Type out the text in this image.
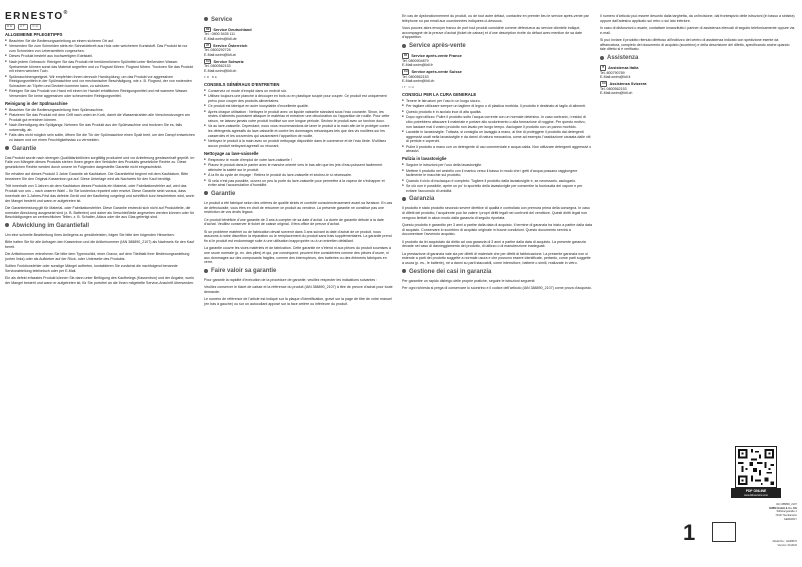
ERNESTO®
DE AT CH
ALLGEMEINE PFLEGETIPPS
■ Beachten Sie die Bedienungsanleitung an einem sicheren Ort auf.
■ Verwenden Sie zum Schneiden stets ein Schneidebrett aus Holz oder weicherem Kunststoff. Das Produkt ist nur zum Schneiden von Lebensmitteln vorgesehen.
■ Dieses Produkt besteht aus hochwertigem Edelstahl.
■ Nach jedem Gebrauch: Reinigen Sie das Produkt mit herkömmlichem Spülmittel unter fließendem Wasser. Speisereste können sonst das Material angreifen und zu Flugrost führen. Flugrost führen. Trocknen Sie das Produkt mit einem weichen Tuch.
■ Spülmaschinengeeignet. Wir empfehlen Ihnen dennoch Handspülung, um das Produkt vor aggressiven Reinigungsmitteln in der Spülmaschine und vor mechanischer Beschädigung, wie z. B. Flugrost, der von rostenden Schrauben an Töpfen und Deckeln kommen kann, zu schützen.
■ Reinigen Sie das Produkt von Hand mit einem im Handel erhältlichen Reinigungsmittel und mit warmem Wasser. Verwenden Sie keine aggressiven oder scheuernden Reinigungsmittel.
Reinigung in der Spülmaschine
■ Beachten Sie die Bedienungsanleitung Ihrer Spülmaschine.
■ Platzieren Sie das Produkt mit dem Griff nach unten im Korb, damit die Wasserstrahlen alle Verschmutzungen am Produkt gut erreichen können.
■ Nach Beendigung des Spülgangs: Nehmen Sie das Produkt aus der Spülmaschine und trocknen Sie es, falls notwendig, ab.
■ Falls dies nicht möglich sein sollte, öffnen Sie die Tür der Spülmaschine einen Spalt breit, um den Dampf entweichen zu lassen und um einen Feuchtigkeitsstau zu vermeiden.
Garantie

Das Produkt wurde nach strengen Qualitätsrichtlinien sorgfältig produziert und vor Anlieferung gewissenhaft geprüft. Im Falle von Mängeln dieses Produkts stehen Ihnen gegen den Verkäufer des Produkts gesetzliche Rechte zu. Diese gesetzlichen Rechte werden durch unsere im Folgenden dargestellte Garantie nicht eingeschränkt.

Sie erhalten auf dieses Produkt 3 Jahre Garantie ab Kaufdatum. Die Garantiefrist beginnt mit dem Kaufdatum. Bitte bewahren Sie den Original-Kassenbon gut auf. Diese Unterlage wird als Nachweis für den Kauf benötigt.

Tritt innerhalb von 3 Jahren ab dem Kaufdatum dieses Produkts ein Material- oder Fabrikationsfehler auf, wird das Produkt von uns – nach unserer Wahl – für Sie kostenlos repariert oder ersetzt. Diese Garantie setzt voraus, dass innerhalb der 3-Jahres-Frist das defekte Gerät und der Kaufbeleg vorgelegt und schriftlich kurz beschrieben wird, worin der Mangel besteht und wann er aufgetreten ist.

Die Garantieleistung gilt für Material- oder Fabrikationsfehler. Diese Garantie erstreckt sich nicht auf Produktteile, die normaler Abnutzung ausgesetzt sind (z. B. Batterien) und daher als Verschleißteile angesehen werden können oder für Beschädigungen an zerbrechlichen Teilen, z. B. Schalter, Akkus oder die aus Glas gefertigt sind.

Abwicklung im Garantiefall

Um eine schnelle Bearbeitung Ihres Anliegens zu gewährleisten, folgen Sie bitte den folgenden Hinweisen:

Bitte halten Sie für alle Anfragen den Kassenbon und die Artikelnummer (IAN 388890_2107) als Nachweis für den Kauf bereit.

Die Artikelnummer entnehmen Sie bitte dem Typenschild, einer Gravur, auf dem Titelblatt Ihrer Bedienungsanleitung (unten links) oder als Aufkleber auf der Rück- oder Unterseite des Produkts.

Sollten Funktionsfehler oder sonstige Mängel auftreten, kontaktieren Sie zunächst die nachfolgend benannte Serviceabteilung telefonisch oder per E-Mail.

Ein als defekt erfasstes Produkt können Sie dann unter Beifügung des Kaufbelegs (Kassenbon) und der Angabe, worin der Mangel besteht und wann er aufgetreten ist, für Sie portofrei an die Ihnen mitgeteilte Service-Anschrift übersenden.

Service
DE Service Deutschland
Tel.: 0800 5435 111
E-Mail:owim@lidl.de
AT Service Österreich
Tel.:0800292726
E-Mail:owim@lidl.at
CH Service Schweiz
Tel.:0800562153
E-Mail:owim@lidl.ch
FR BE
CONSEILS GÉNÉRAUX D’ENTRETIEN
■ Conservez ce mode d’emploi dans un endroit sûr.
■ Utilisez toujours une planche à découper en bois ou en plastique souple pour couper. Ce produit est uniquement prévu pour couper des produits alimentaires.
■ Ce produit est fabriqué en acier inoxydable d’excellente qualité.
■ Après chaque utilisation : Nettoyez le produit avec un liquide vaisselle standard sous l’eau courante. Sinon, les restes d’aliments pourraient attaquer le matériau et entraîner une décoloration ou l’apparition de rouille. Pour cette raison, ne laissez jamais votre produit inutilisé sur une longue période. Séchez le produit avec un torchon doux.
■ Va au lave-vaisselle. Cependant, nous vous recommandons de laver le produit à la main afin de le protéger contre les détergents agressifs du lave-vaisselle et contre les dommages mécaniques tels que des vis rouillées sur les casseroles et les couvercles qui causeraient l’apparition de rouille.
■ Nettoyez le produit à la main avec un produit nettoyage disponible dans le commerce et de l’eau tiède. N’utilisez aucun produit nettoyant agressif ou récurant.
Nettoyage au lave-vaisselle
■ Respectez le mode d’emploi de votre lave-vaisselle !
■ Placez le produit dans le panier avec le manche orienté vers le bas afin que les jets d’eau puissent facilement atteindre la saleté sur le produit.
■ À la fin du cycle de rinçage : Retirez le produit du lave-vaisselle et séchez-le si nécessaire.
■ Si cela n’est pas possible, ouvrez un peu la porte du lave-vaisselle pour permettre à la vapeur de s’échapper et éviter ainsi l’accumulation d’humidité.
Garantie

Le produit a été fabriqué selon des critères de qualité stricts et contrôlé consciencieusement avant sa livraison. En cas de défectuosité, vous êtes en droit de retourner ce produit au vendeur. La présente garantie ne constitue pas une restriction de vos droits légaux.

Ce produit bénéficie d’une garantie de 3 ans à compter de sa date d’achat. La durée de garantie débute à la date d’achat. Veuillez conserver le ticket de caisse original. Il fera office de preuve d’achat.

Si un problème matériel ou de fabrication devait survenir dans 3 ans suivant la date d’achat de ce produit, nous assurons à notre discrétion la réparation ou le remplacement du produit sans frais supplémentaires. La garantie prend fin si le produit est endommagé suite à une utilisation inappropriée ou à un entretien défaillant.

La garantie couvre les vices matériels et de fabrication. Cette garantie ne s’étend ni aux pièces du produit soumises à une usure normale (p. ex. des piles) et qui, par conséquent, peuvent être considérées comme des pièces d’usure, ni aux dommages sur des composants fragiles, comme des interrupteurs, des batteries ou des éléments fabriqués en verre.

Faire valoir sa garantie

Pour garantir la rapidité d’exécution de la procédure de garantie, veuillez respecter les indications suivantes :

Veuillez conserver le ticket de caisse et la référence du produit (IAN 388890_2107) à titre de preuve d’achat pour toute demande.

Le numéro de référence de l’article est indiqué sur la plaque d’identification, gravé sur la page de titre de votre manuel (en bas à gauche) ou sur un autocollant apposé sur la face arrière ou inférieure du produit.

En cas de dysfonctionnement du produit, ou de tout autre défaut, contactez en premier lieu le service après-vente par téléphone ou par email aux coordonnées indiquées ci-dessous.

Vous pouvez alors envoyer franco de port tout produit considéré comme défectueux au service clientèle indiqué, accompagné de la preuve d’achat (ticket de caisse) et d’une description écrite du défaut avec mention de sa date d’apparition.

Service après-vente
FR Service après-vente France
Tel.:0800904879
E-Mail:owim@lidl.fr
CH Service après-vente Suisse
Tel.:0800562153
E-Mail:owim@lidl.ch
IT CH
CONSIGLI PER LA CURA GENERALE
■ Tenere le istruzioni per l’uso in un luogo sicuro.
■ Per tagliare utilizzare sempre un tagliere di legno o di plastica morbida. Il prodotto è destinato al taglio di alimenti.
■ Questo prodotto è in acciaio inox di alta qualità.
■ Dopo ogni utilizzo: Pulire il prodotto sotto l’acqua corrente con un normale detersivo. In caso contrario, i residui di cibo potrebbero attaccare il materiale e portare allo scolorimento o alla formazione di ruggine. Per questo motivo, non lasciare mai il vostro prodotto non lavato per lungo tempo. Asciugare il prodotto con un panno morbido.
■ Lavabile in lavastoviglie. Tuttavia, si consiglia un lavaggio a mano, al fine di proteggere il prodotto dai detergenti aggressivi usati nella lavastoviglie e da danni di natura meccanica, come ad esempio l’ossidazione causata dalle viti di pentole e coperchi.
■ Pulire il prodotto a mano con un detergente di uso commerciale e acqua calda. Non utilizzare detergenti aggressivi o abrasivi.
Pulizia in lavastoviglie
■ Seguire le istruzioni per l’uso della lavastoviglie.
■ Mettere il prodotto nel cestello con il manico verso il basso in modo che i getti d’acqua possano raggiungere facilmente le macchie sul prodotto.
■ Quando il ciclo di risciacquo è completo: Togliere il prodotto dalla lavastoviglie e, se necessario, asciugarlo.
■ Se ciò non è possibile, aprire un po’ lo sportello della lavastoviglie per consentire la fuoriuscita del vapore e per evitare l’accumulo di umidità.
Garanzia

Il prodotto è stato prodotto secondo severe direttive di qualità e controllato con premura prima della consegna. In caso di difetti del prodotto, l’acquirente può far valere i propri diritti legali nei confronti del venditore. Questi diritti legali non vengono limitati in alcun modo dalla garanzia di seguito riportata.

Questo prodotto è garantito per 3 anni a partire dalla data di acquisto. Il termine di garanzia ha inizio a partire dalla data di acquisto. Conservare lo scontrino di acquisto originale in buone condizioni. Questo documento servirà a documentare l’avvenuto acquisto.

Il prodotto da lei acquistato dà diritto ad una garanzia di 3 anni a partire dalla data di acquisto. La presente garanzia decade nel caso di danneggiamento del prodotto, di utilizzo o di manutenzione inadeguati.

La prestazione di garanzia vale sia per difetti di materiale che per difetti di fabbricazione. La presente garanzia non si estende a parti del prodotto soggette a normale usura e che possono essere identificate, pertanto, come parti soggette a usura (p. es., le batterie), né a danni su parti staccabili, come interruttore, batterie o simili, realizzate in vetro.

Gestione dei casi in garanzia

Per garantire un rapido disbrigo delle proprie pratiche, seguire le istruzioni seguenti:

Per ogni richiesta si prega di conservare lo scontrino e il codice dell’articolo (IAN 388890_2107) come prova d’acquisto.

Il numero d’articolo può essere desunto dalla targhetta, da un’incisione, dal frontespizio delle istruzioni (in basso a sinistra) oppure dall’adesivo applicato sul retro o sul lato inferiore.

In caso di disfunzioni o avarie, contattare innanzitutto i partner di assistenza elencati di seguito telefonicamente oppure via e-mail.

Si può inviare il prodotto ritenuto difettoso all’indirizzo del centro di assistenza indicato con spedizione esente da affrancatura, completo del documento di acquisto (scontrino) e della descrizione del difetto, specificando anche quando tale difetto si è verificato.

Assistenza
IT Assistenza Italia
Tel.:800790789
E-Mail:owim@lidl.it
CH Assistenza Svizzera
Tel.:0800562153
E-Mail:owim@lidl.ch
PDF ONLINE
www.lidl-service.com
IAN 388890_2107
OWIM GmbH & Co. KG
Stiftsbergstraße 1
74167 Neckarsulm
GERMANY
1	Model No.: HG08072
Version: 01/2022
